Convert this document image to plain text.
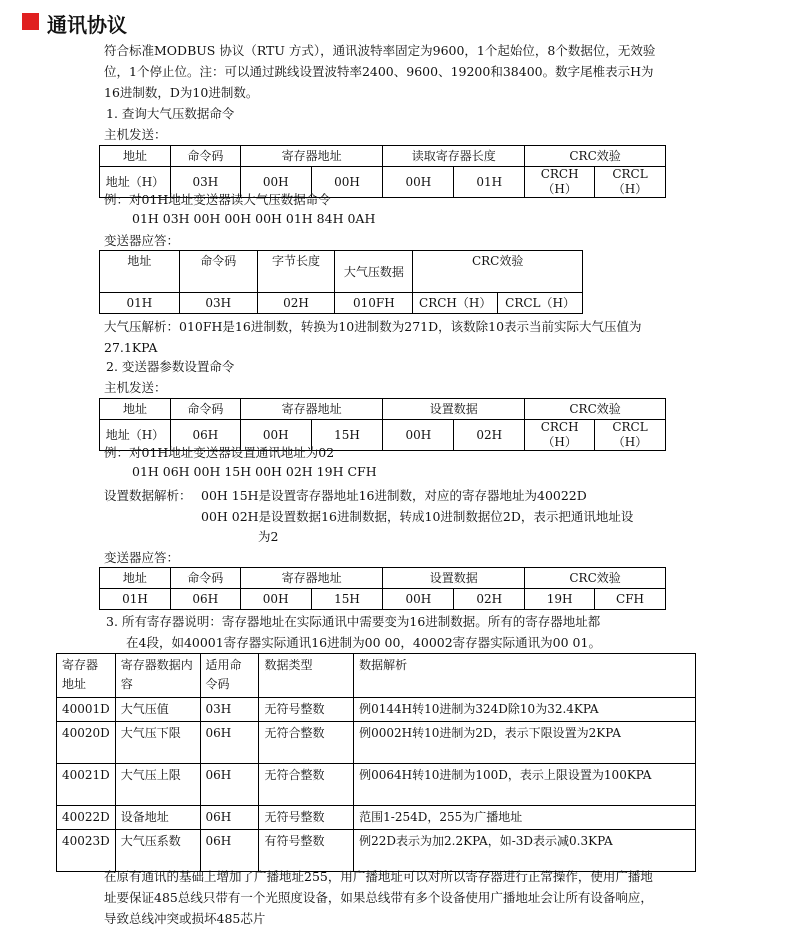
通讯协议
符合标准MODBUS 协议（RTU 方式），通讯波特率固定为9600，1个起始位，8个数据位，无效验位，1个停止位。注：可以通过跳线设置波特率2400、9600、19200和38400。数字尾椎表示H为16进制数，D为10进制数。
1. 查询大气压数据命令
主机发送：
地址	命令码	寄存器地址		读取寄存器长度		CRC效验	
地址（H）	03H	00H	00H	00H	01H	CRCH（H）	CRCL（H）
例：对01H地址变送器读大气压数据命令
01H 03H 00H 00H 00H 01H 84H 0AH
变送器应答：
地址	命令码	字节长度	大气压数据	CRC效验	
01H	03H	02H	010FH	CRCH（H）	CRCL（H）
大气压解析：010FH是16进制数，转换为10进制数为271D，该数除10表示当前实际大气压值为27.1KPA
2. 变送器参数设置命令
主机发送：
地址	命令码	寄存器地址		设置数据		CRC效验	
地址（H）	06H	00H	15H	00H	02H	CRCH（H）	CRCL（H）
例：对01H地址变送器设置通讯地址为02
01H 06H 00H 15H 00H 02H 19H CFH
设置数据解析： 00H 15H是设置寄存器地址16进制数，对应的寄存器地址为40022D
00H 02H是设置数据16进制数据，转成10进制数据位2D，表示把通讯地址设
为2
变送器应答：
地址	命令码	寄存器地址		设置数据		CRC效验	
01H	06H	00H	15H	00H	02H	19H	CFH
3. 所有寄存器说明：寄存器地址在实际通讯中需要变为16进制数据。所有的寄存器地址都
在4段，如40001寄存器实际通讯16进制为00 00，40002寄存器实际通讯为00 01。
寄存器地址	寄存器数据内容	适用命令码	数据类型	数据解析
40001D	大气压值	03H	无符号整数	例0144H转10进制为324D除10为32.4KPA
40020D	大气压下限	06H	无符合整数	例0002H转10进制为2D，表示下限设置为2KPA
40021D	大气压上限	06H	无符合整数	例0064H转10进制为100D，表示上限设置为100KPA
40022D	设备地址	06H	无符号整数	范围1-254D，255为广播地址
40023D	大气压系数	06H	有符号整数	例22D表示为加2.2KPA，如-3D表示减0.3KPA
在原有通讯的基础上增加了广播地址255，用广播地址可以对所以寄存器进行正常操作，使用广播地址要保证485总线只带有一个光照度设备，如果总线带有多个设备使用广播地址会让所有设备响应，导致总线冲突或损坏485芯片
